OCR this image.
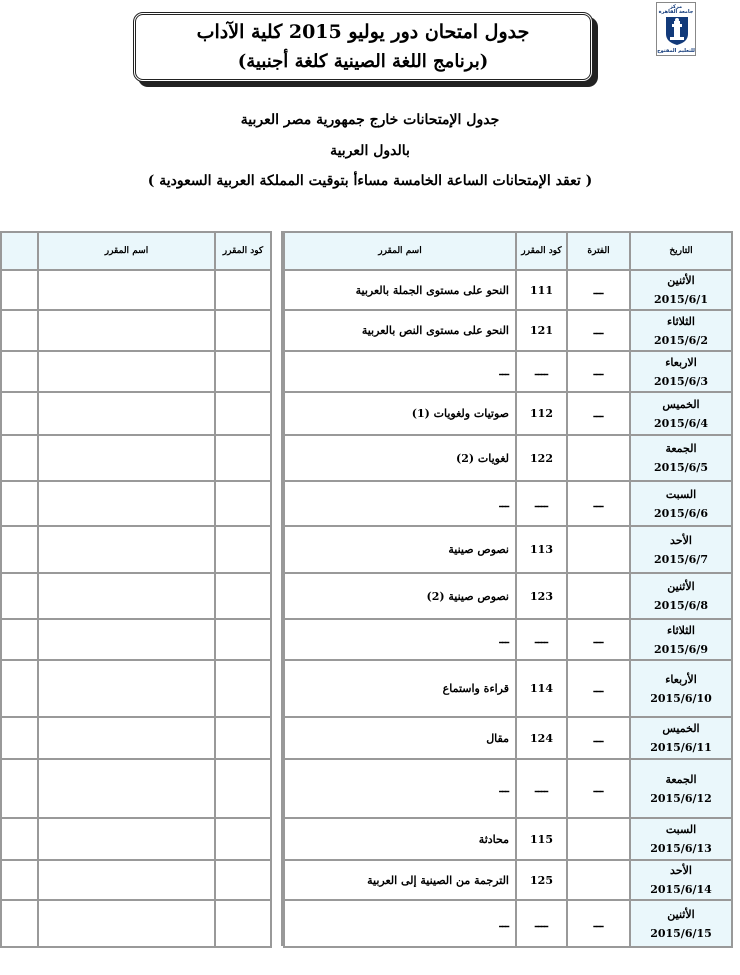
مركز
جامعة القاهرة
للتعليم المفتوح
جدول امتحان دور يوليو 2015 كلية الآداب
(برنامج اللغة الصينية كلغة أجنبية)
جدول الإمتحانات خارج جمهورية مصر العربية
بالدول العربية
( تعقد الإمتحانات الساعة الخامسة مساءأ بتوقيت المملكة العربية السعودية )
	اسم المقرر	كود المقرر

			اسم المقرر	كود المقرر	الفترة	التاريخ
النحو على مستوى الجملة بالعربية	111	ـــ	الأثنين
2015/6/1

النحو على مستوى النص بالعربية	121	ـــ	الثلاثاء
2015/6/2

ـــ	ــــ	ـــ	الاربعاء
2015/6/3

صوتيات ولغويات (1)	112	ـــ	الخميس
2015/6/4

لغويات (2)	122		الجمعة
2015/6/5

ـــ	ــــ	ـــ	السبت
2015/6/6

نصوص صينية	113		الأحد
2015/6/7

نصوص صينية (2)	123		الأثنين
2015/6/8

ـــ	ــــ	ـــ	الثلاثاء
2015/6/9

قراءة واستماع	114	ـــ	الأربعاء
2015/6/10

مقال	124	ـــ	الخميس
2015/6/11

ـــ	ــــ	ـــ	الجمعة
2015/6/12

محادثة	115		السبت
2015/6/13

الترجمة من الصينية إلى العربية	125		الأحد
2015/6/14

ـــ	ــــ	ـــ	الأثنين
2015/6/15
